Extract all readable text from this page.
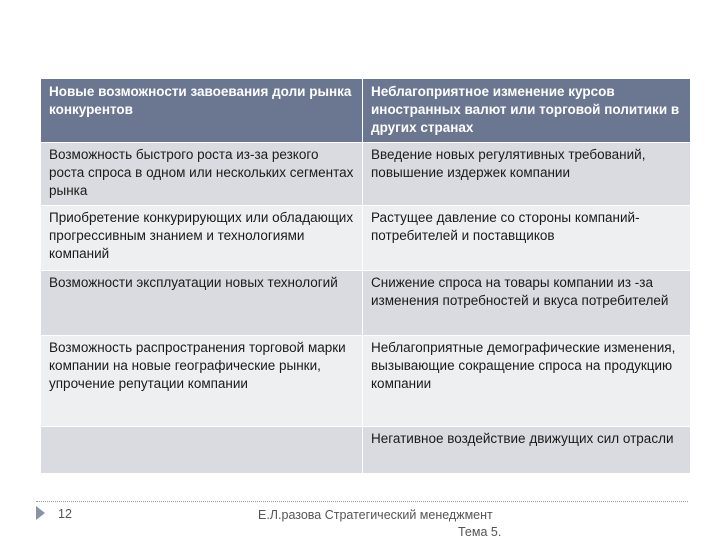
Новые возможности завоевания доли рынка конкурентов	Неблагоприятное изменение курсов иностранных валют или торговой политики в других странах
Возможность быстрого роста из-за резкого роста спроса в одном или нескольких сегментах рынка	Введение новых регулятивных требований, повышение издержек компании
Приобретение конкурирующих или обладающих прогрессивным знанием и технологиями компаний	Растущее давление со стороны компаний-потребителей и поставщиков
Возможности эксплуатации новых технологий	Снижение спроса на товары компании из -за изменения потребностей и вкуса потребителей
Возможность распространения торговой марки компании на новые географические рынки, упрочение репутации компании	Неблагоприятные демографические изменения, вызывающие сокращение спроса на продукцию компании
	Негативное воздействие движущих сил отрасли
12	Е.Л.разова Стратегический менеджмент
Тема 5.
